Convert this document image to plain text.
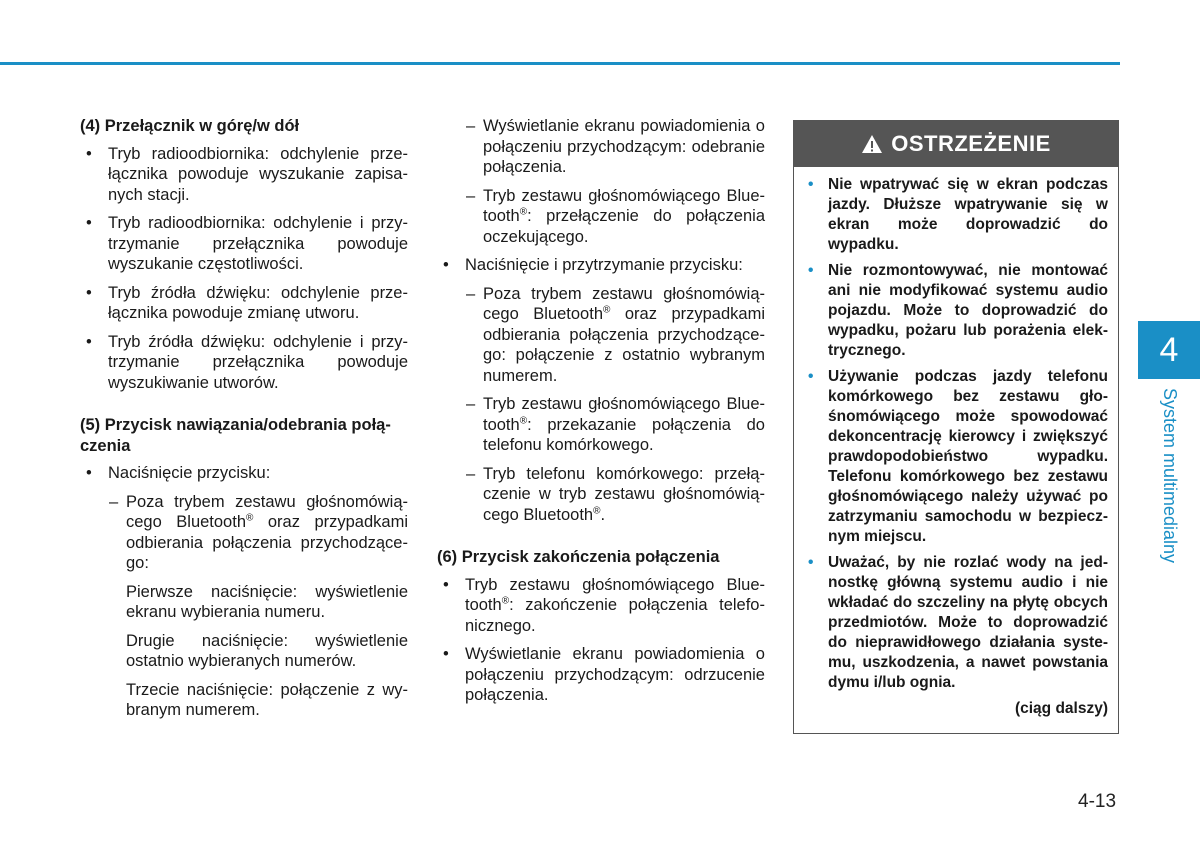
(4) Przełącznik w górę/w dół
• Tryb radioodbiornika: odchylenie przełącznika powoduje wyszukanie zapisanych stacji.
• Tryb radioodbiornika: odchylenie i przytrzymanie przełącznika powoduje wyszukanie częstotliwości.
• Tryb źródła dźwięku: odchylenie przełącznika powoduje zmianę utworu.
• Tryb źródła dźwięku: odchylenie i przytrzymanie przełącznika powoduje wyszukiwanie utworów.
(5) Przycisk nawiązania/odebrania połączenia
• Naciśnięcie przycisku:
– Poza trybem zestawu głośnomówiącego Bluetooth® oraz przypadkami odbierania połączenia przychodzącego:
Pierwsze naciśnięcie: wyświetlenie ekranu wybierania numeru.
Drugie naciśnięcie: wyświetlenie ostatnio wybieranych numerów.
Trzecie naciśnięcie: połączenie z wybranym numerem.
– Wyświetlanie ekranu powiadomienia o połączeniu przychodzącym: odebranie połączenia.
– Tryb zestawu głośnomówiącego Bluetooth®: przełączenie do połączenia oczekującego.
• Naciśnięcie i przytrzymanie przycisku:
– Poza trybem zestawu głośnomówiącego Bluetooth® oraz przypadkami odbierania połączenia przychodzącego: połączenie z ostatnio wybranym numerem.
– Tryb zestawu głośnomówiącego Bluetooth®: przekazanie połączenia do telefonu komórkowego.
– Tryb telefonu komórkowego: przełączenie w tryb zestawu głośnomówiącego Bluetooth®.
(6) Przycisk zakończenia połączenia
• Tryb zestawu głośnomówiącego Bluetooth®: zakończenie połączenia telefonicznego.
• Wyświetlanie ekranu powiadomienia o połączeniu przychodzącym: odrzucenie połączenia.
OSTRZEŻENIE
• Nie wpatrywać się w ekran podczas jazdy. Dłuższe wpatrywanie się w ekran może doprowadzić do wypadku.
• Nie rozmontowywać, nie montować ani nie modyfikować systemu audio pojazdu. Może to doprowadzić do wypadku, pożaru lub porażenia elektrycznego.
• Używanie podczas jazdy telefonu komórkowego bez zestawu głośnomówiącego może spowodować dekoncentrację kierowcy i zwiększyć prawdopodobieństwo wypadku. Telefonu komórkowego bez zestawu głośnomówiącego należy używać po zatrzymaniu samochodu w bezpiecznym miejscu.
• Uważać, by nie rozlać wody na jednostkę główną systemu audio i nie wkładać do szczeliny na płytę obcych przedmiotów. Może to doprowadzić do nieprawidłowego działania systemu, uszkodzenia, a nawet powstania dymu i/lub ognia.
(ciąg dalszy)
4
System multimedialny
4-13
